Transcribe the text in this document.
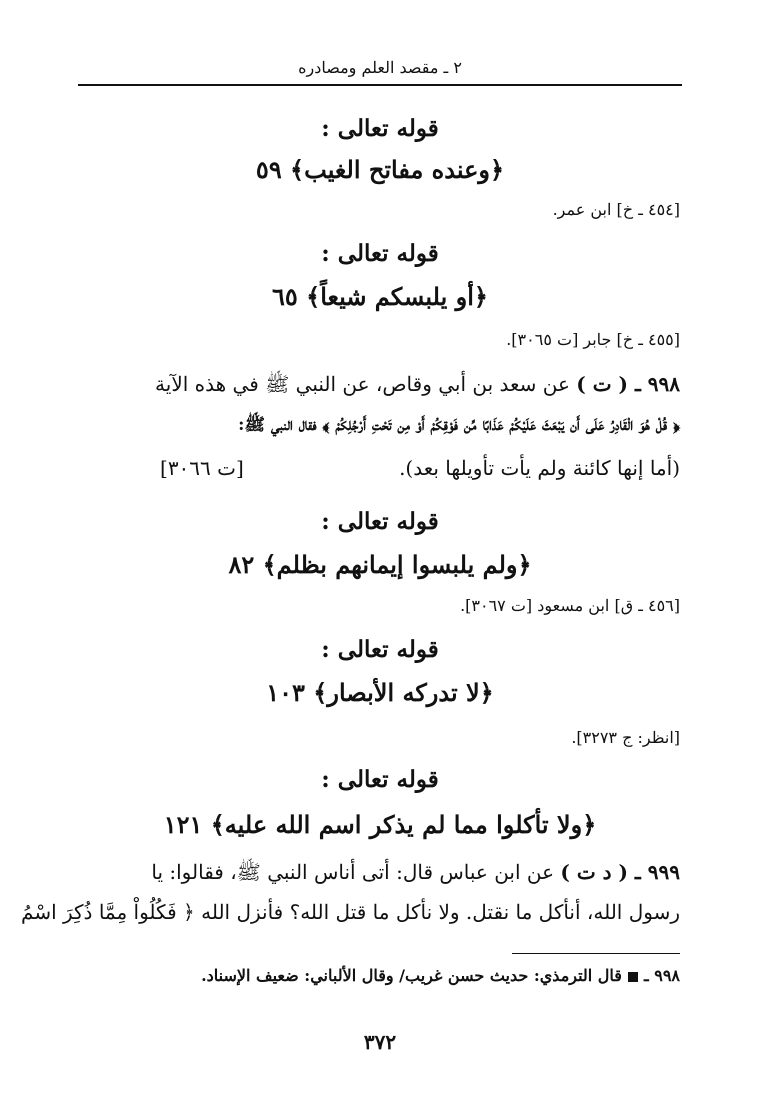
٢ ـ مقصد العلم ومصادره
قوله تعالى :
﴿وعنده مفاتح الغيب﴾ ٥٩
[٤٥٤ ـ خ] ابن عمر.
قوله تعالى :
﴿أو يلبسكم شيعاً﴾ ٦٥
[٤٥٥ ـ خ] جابر [ت ٣٠٦٥].
٩٩٨ ـ ( ت ) عن سعد بن أبي وقاص، عن النبي ﷺ في هذه الآية
﴿ قُلْ هُوَ الْقَادِرُ عَلَى أَن يَبْعَثَ عَلَيْكُمْ عَذَابًا مِّن فَوْقِكُمْ أَوْ مِن تَحْتِ أَرْجُلِكُمْ ﴾ فقال النبي ﷺ:
(أما إنها كائنة ولم يأت تأويلها بعد).
[ت ٣٠٦٦]
قوله تعالى :
﴿ولم يلبسوا إيمانهم بظلم﴾ ٨٢
[٤٥٦ ـ ق] ابن مسعود [ت ٣٠٦٧].
قوله تعالى :
﴿لا تدركه الأبصار﴾ ١٠٣
[انظر: ج ٣٢٧٣].
قوله تعالى :
﴿ولا تأكلوا مما لم يذكر اسم الله عليه﴾ ١٢١
٩٩٩ ـ ( د ت ) عن ابن عباس قال: أتى أناس النبي ﷺ، فقالوا: يا
رسول الله، أنأكل ما نقتل. ولا نأكل ما قتل الله؟ فأنزل الله ﴿ فَكُلُواْ مِمَّا ذُكِرَ اسْمُ
٩٩٨ ـقال الترمذي: حديث حسن غريب/ وقال الألباني: ضعيف الإسناد.
٣٧٢
